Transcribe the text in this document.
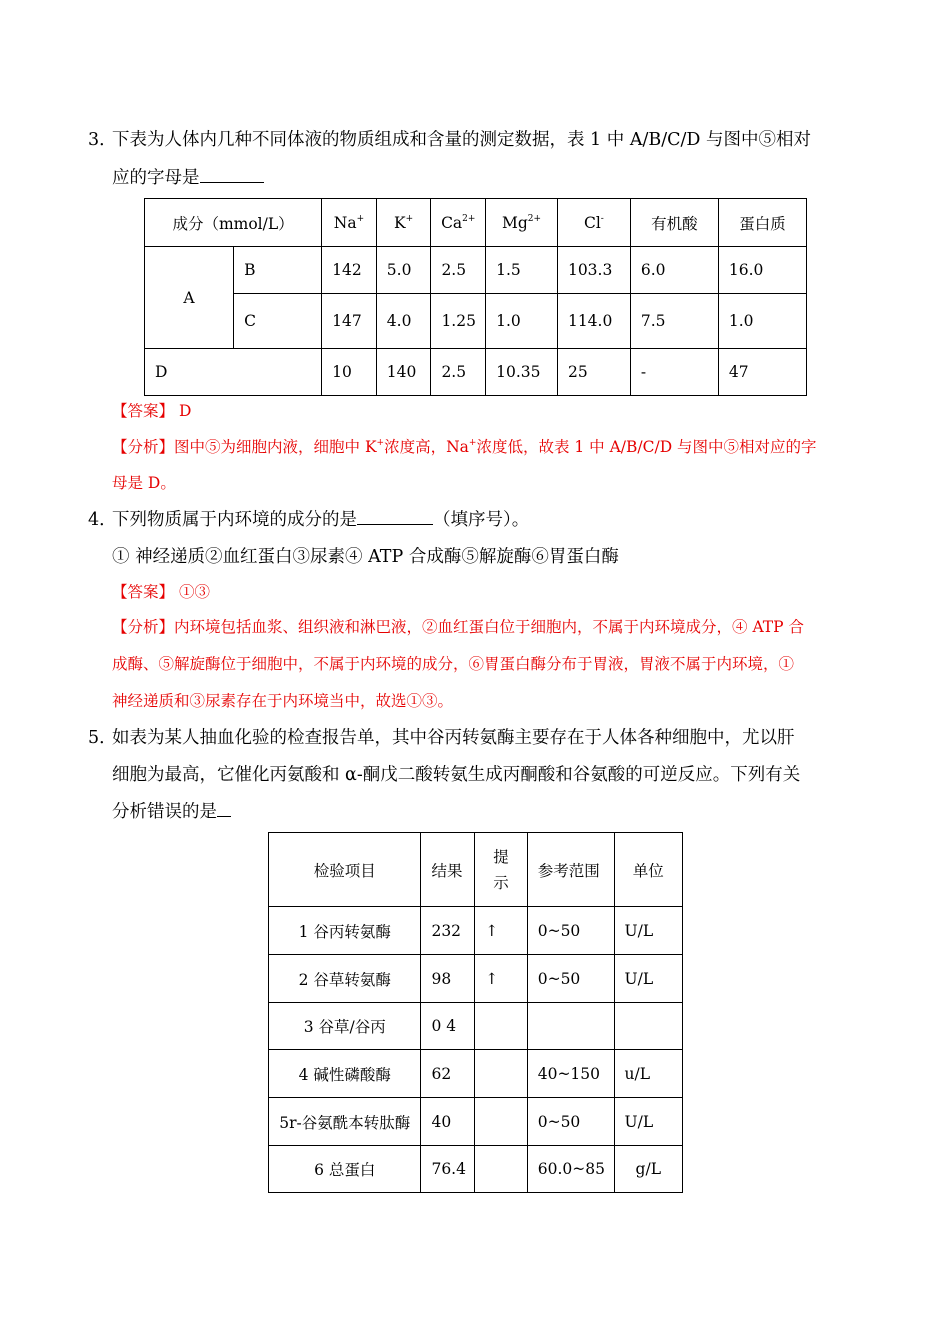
3．下表为人体内几种不同体液的物质组成和含量的测定数据，表 1 中 A/B/C/D 与图中⑤相对
应的字母是
成分（mmol/L）		Na+	K+	$Ca^{2+}$	$Mg^{2+}$	Cl-	有机酸	蛋白质
A	B	142	5.0	2.5	1.5	103.3	6.0	16.0
	C	147	4.0	1.25	1.0	114.0	7.5	1.0
D		10	140	2.5	10.35	25	-	47
【答案】 D
【分析】图中⑤为细胞内液，细胞中 K+浓度高，Na+浓度低，故表 1 中 A/B/C/D 与图中⑤相对应的字
母是 D。
4．下列物质属于内环境的成分的是	（填序号）。
① 神经递质②血红蛋白③尿素④ ATP 合成酶⑤解旋酶⑥胃蛋白酶
【答案】 ①③
【分析】内环境包括血浆、组织液和淋巴液，②血红蛋白位于细胞内，不属于内环境成分，④ ATP 合
成酶、⑤解旋酶位于细胞中，不属于内环境的成分，⑥胃蛋白酶分布于胃液，胃液不属于内环境，①
神经递质和③尿素存在于内环境当中，故选①③。
5．如表为某人抽血化验的检查报告单，其中谷丙转氨酶主要存在于人体各种细胞中，尤以肝
细胞为最高，它催化丙氨酸和 α-酮戊二酸转氨生成丙酮酸和谷氨酸的可逆反应。下列有关
分析错误的是
检验项目	结果	提示	参考范围	单位
1 谷丙转氨酶	232	↑	0~50	U/L
2 谷草转氨酶	98	↑	0~50	U/L
3 谷草/谷丙	0 4			
4 碱性磷酸酶	62		40~150	u/L
5r-谷氨酰本转肽酶	40		0~50	U/L
6 总蛋白	76.4		60.0~85	g/L
